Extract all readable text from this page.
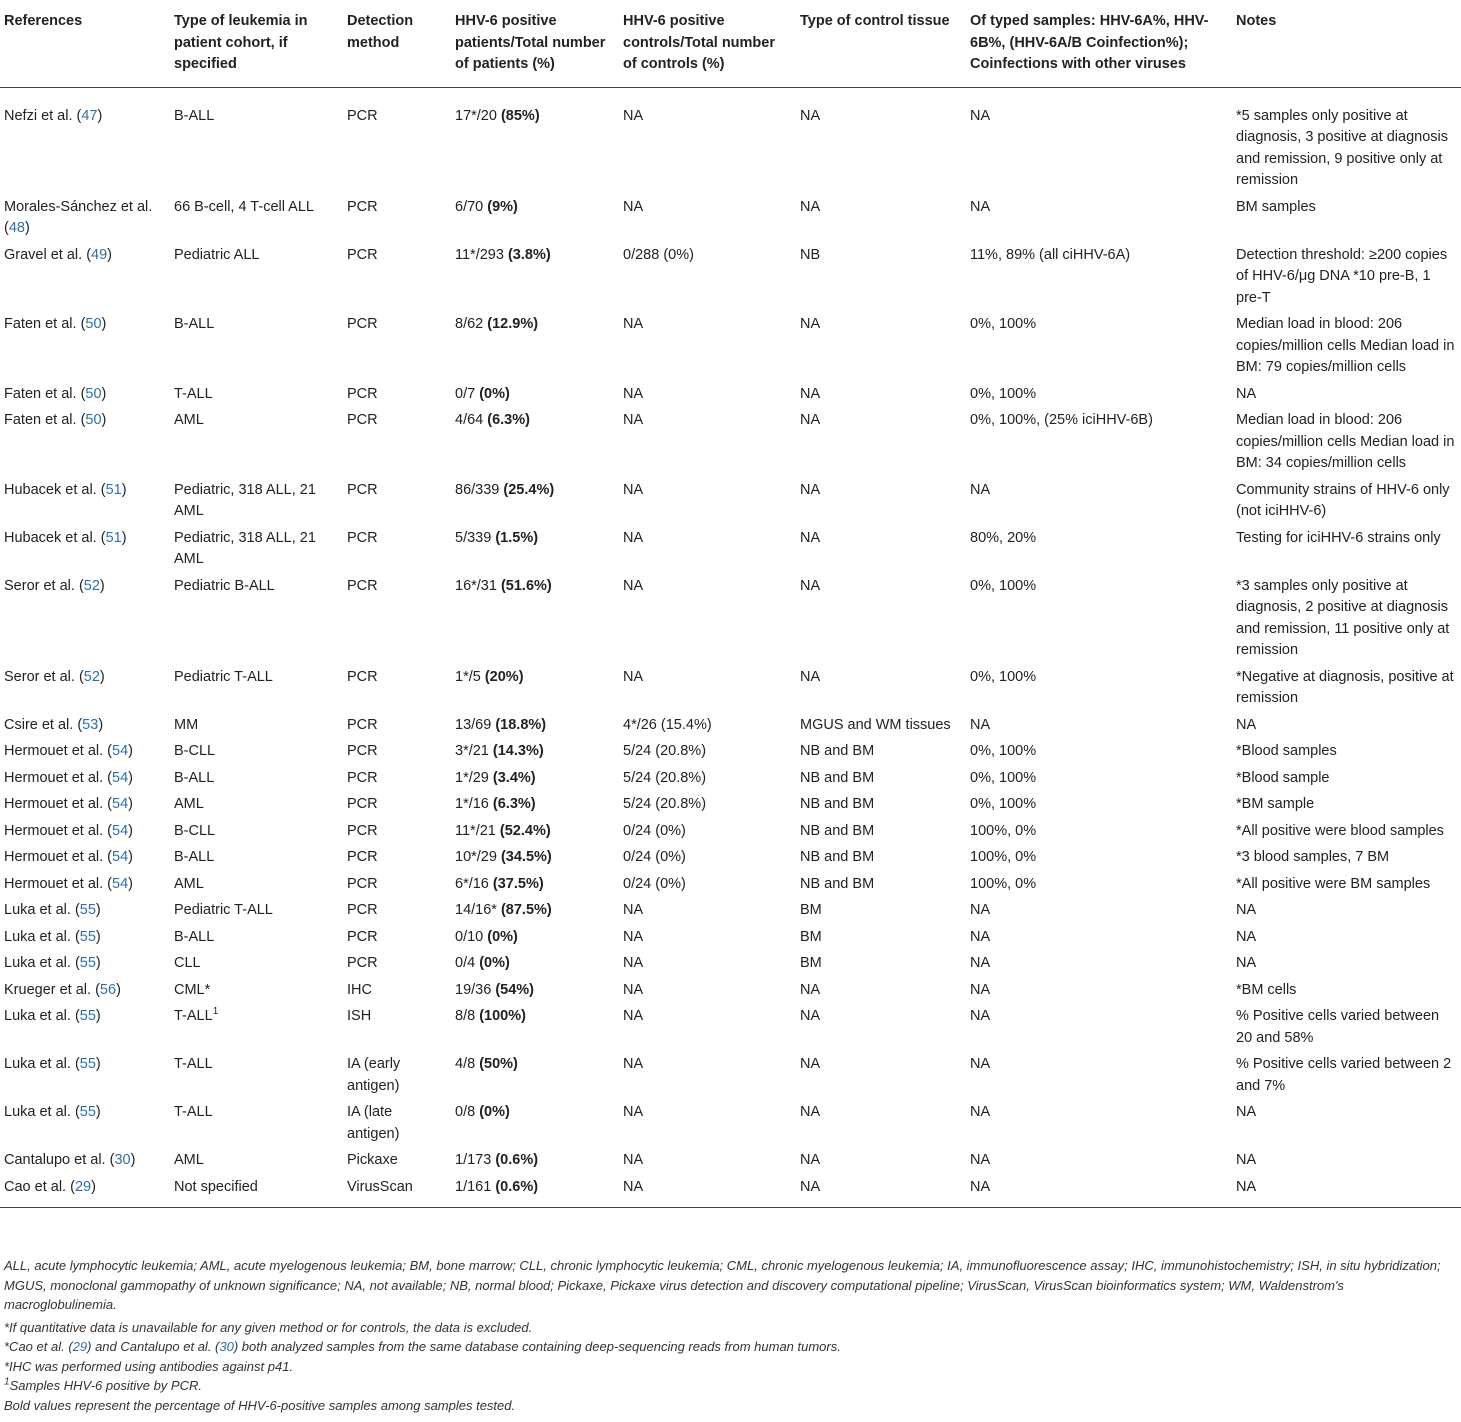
References	Type of leukemia in patient cohort, if specified	Detection method	HHV-6 positive patients/Total number of patients (%)	HHV-6 positive controls/Total number of controls (%)	Type of control tissue	Of typed samples: HHV-6A%, HHV-6B%, (HHV-6A/B Coinfection%); Coinfections with other viruses	Notes
Nefzi et al. (47)	B-ALL	PCR	17*/20 (85%)	NA	NA	NA	*5 samples only positive at diagnosis, 3 positive at diagnosis and remission, 9 positive only at remission
Morales-Sánchez et al. (48)	66 B-cell, 4 T-cell ALL	PCR	6/70 (9%)	NA	NA	NA	BM samples
Gravel et al. (49)	Pediatric ALL	PCR	11*/293 (3.8%)	0/288 (0%)	NB	11%, 89% (all ciHHV-6A)	Detection threshold: ≥200 copies of HHV-6/μg DNA *10 pre-B, 1 pre-T
Faten et al. (50)	B-ALL	PCR	8/62 (12.9%)	NA	NA	0%, 100%	Median load in blood: 206 copies/million cells Median load in BM: 79 copies/million cells
Faten et al. (50)	T-ALL	PCR	0/7 (0%)	NA	NA	0%, 100%	NA
Faten et al. (50)	AML	PCR	4/64 (6.3%)	NA	NA	0%, 100%, (25% iciHHV-6B)	Median load in blood: 206 copies/million cells Median load in BM: 34 copies/million cells
Hubacek et al. (51)	Pediatric, 318 ALL, 21 AML	PCR	86/339 (25.4%)	NA	NA	NA	Community strains of HHV-6 only (not iciHHV-6)
Hubacek et al. (51)	Pediatric, 318 ALL, 21 AML	PCR	5/339 (1.5%)	NA	NA	80%, 20%	Testing for iciHHV-6 strains only
Seror et al. (52)	Pediatric B-ALL	PCR	16*/31 (51.6%)	NA	NA	0%, 100%	*3 samples only positive at diagnosis, 2 positive at diagnosis and remission, 11 positive only at remission
Seror et al. (52)	Pediatric T-ALL	PCR	1*/5 (20%)	NA	NA	0%, 100%	*Negative at diagnosis, positive at remission
Csire et al. (53)	MM	PCR	13/69 (18.8%)	4*/26 (15.4%)	MGUS and WM tissues	NA	NA
Hermouet et al. (54)	B-CLL	PCR	3*/21 (14.3%)	5/24 (20.8%)	NB and BM	0%, 100%	*Blood samples
Hermouet et al. (54)	B-ALL	PCR	1*/29 (3.4%)	5/24 (20.8%)	NB and BM	0%, 100%	*Blood sample
Hermouet et al. (54)	AML	PCR	1*/16 (6.3%)	5/24 (20.8%)	NB and BM	0%, 100%	*BM sample
Hermouet et al. (54)	B-CLL	PCR	11*/21 (52.4%)	0/24 (0%)	NB and BM	100%, 0%	*All positive were blood samples
Hermouet et al. (54)	B-ALL	PCR	10*/29 (34.5%)	0/24 (0%)	NB and BM	100%, 0%	*3 blood samples, 7 BM
Hermouet et al. (54)	AML	PCR	6*/16 (37.5%)	0/24 (0%)	NB and BM	100%, 0%	*All positive were BM samples
Luka et al. (55)	Pediatric T-ALL	PCR	14/16* (87.5%)	NA	BM	NA	NA
Luka et al. (55)	B-ALL	PCR	0/10 (0%)	NA	BM	NA	NA
Luka et al. (55)	CLL	PCR	0/4 (0%)	NA	BM	NA	NA
Krueger et al. (56)	CML*	IHC	19/36 (54%)	NA	NA	NA	*BM cells
Luka et al. (55)	T-ALL$^1$	ISH	8/8 (100%)	NA	NA	NA	% Positive cells varied between 20 and 58%
Luka et al. (55)	T-ALL	IA (early antigen)	4/8 (50%)	NA	NA	NA	% Positive cells varied between 2 and 7%
Luka et al. (55)	T-ALL	IA (late antigen)	0/8 (0%)	NA	NA	NA	NA
Cantalupo et al. (30)	AML	Pickaxe	1/173 (0.6%)	NA	NA	NA	NA
Cao et al. (29)	Not specified	VirusScan	1/161 (0.6%)	NA	NA	NA	NA

ALL, acute lymphocytic leukemia; AML, acute myelogenous leukemia; BM, bone marrow; CLL, chronic lymphocytic leukemia; CML, chronic myelogenous leukemia; IA, immunofluorescence assay; IHC, immunohistochemistry; ISH, in situ hybridization; MGUS, monoclonal gammopathy of unknown significance; NA, not available; NB, normal blood; Pickaxe, Pickaxe virus detection and discovery computational pipeline; VirusScan, VirusScan bioinformatics system; WM, Waldenstrom's macroglobulinemia.

*If quantitative data is unavailable for any given method or for controls, the data is excluded.

*Cao et al. (29) and Cantalupo et al. (30) both analyzed samples from the same database containing deep-sequencing reads from human tumors.

*IHC was performed using antibodies against p41.

$^1$Samples HHV-6 positive by PCR.

Bold values represent the percentage of HHV-6-positive samples among samples tested.
